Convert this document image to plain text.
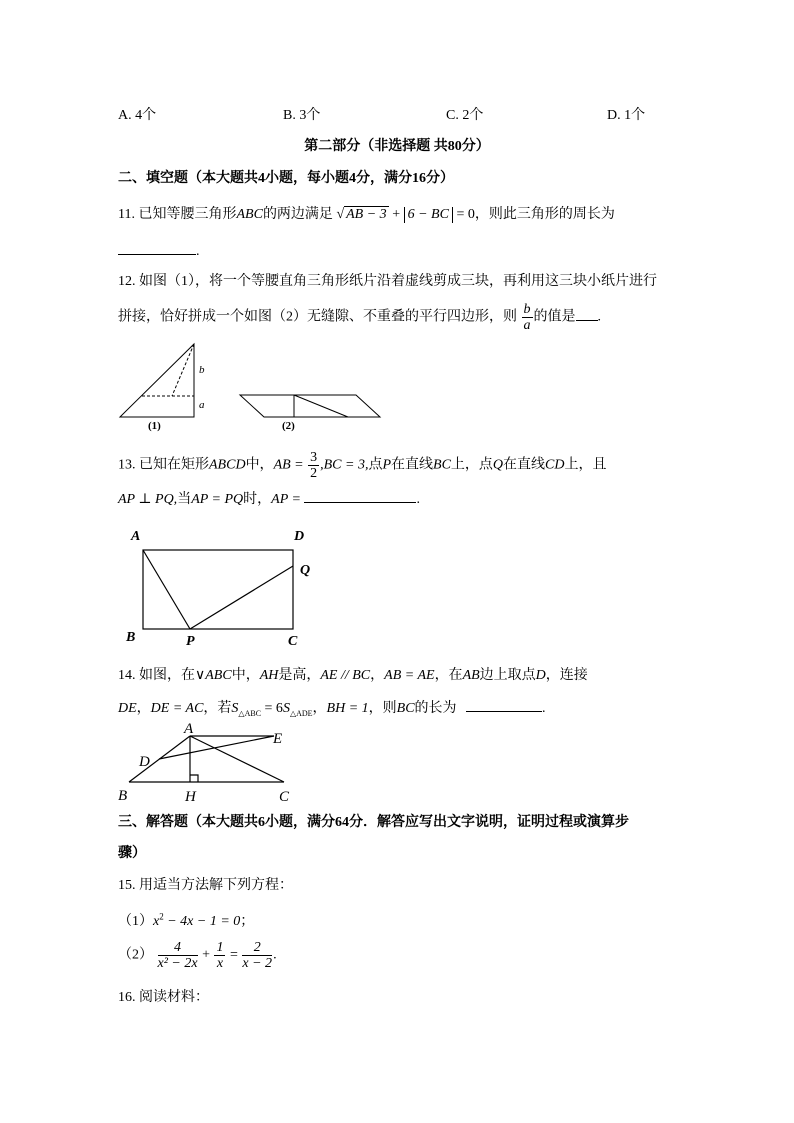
A. 4个	B. 3个	C. 2个	D. 1个
第二部分（非选择题 共80分）
二、填空题（本大题共4小题，每小题4分，满分16分）
11. 已知等腰三角形ABC的两边满足 √ AB − 3 + 6 − BC = 0，则此三角形的周长为
.
12. 如图（1），将一个等腰直角三角形纸片沿着虚线剪成三块，再利用这三块小纸片进行
拼接，恰好拼成一个如图（2）无缝隙、不重叠的平行四边形，则 $\frac{b}{a}$ 的值是 .
b
a
(1)	(2)
13. 已知在矩形ABCD中，AB = $\frac{3}{2} ,BC = 3$,点P在直线BC上，点Q在直线CD上，且
AP ⊥ PQ,当AP = PQ时，AP =	.
A	D
Q
B	P	C
14. 如图，在∨ABC中，AH是高，AE // BC，AB = AE，在AB边上取点D，连接
DE，DE = AC，若$S_{\triangle ABC} = 6S_{\triangle ADE}$，BH = 1，则BC的长为	.
A
E
D
B	H	C
三、解答题（本大题共6小题，满分64分．解答应写出文字说明，证明过程或演算步
骤）
15. 用适当方法解下列方程：
$(1)x^2 - 4x - 1 = 0$；
$(2) \frac{4}{\text{x² − 2x}} + \frac{1}{x} = \frac{2}{x - 2}$ .
16. 阅读材料：
